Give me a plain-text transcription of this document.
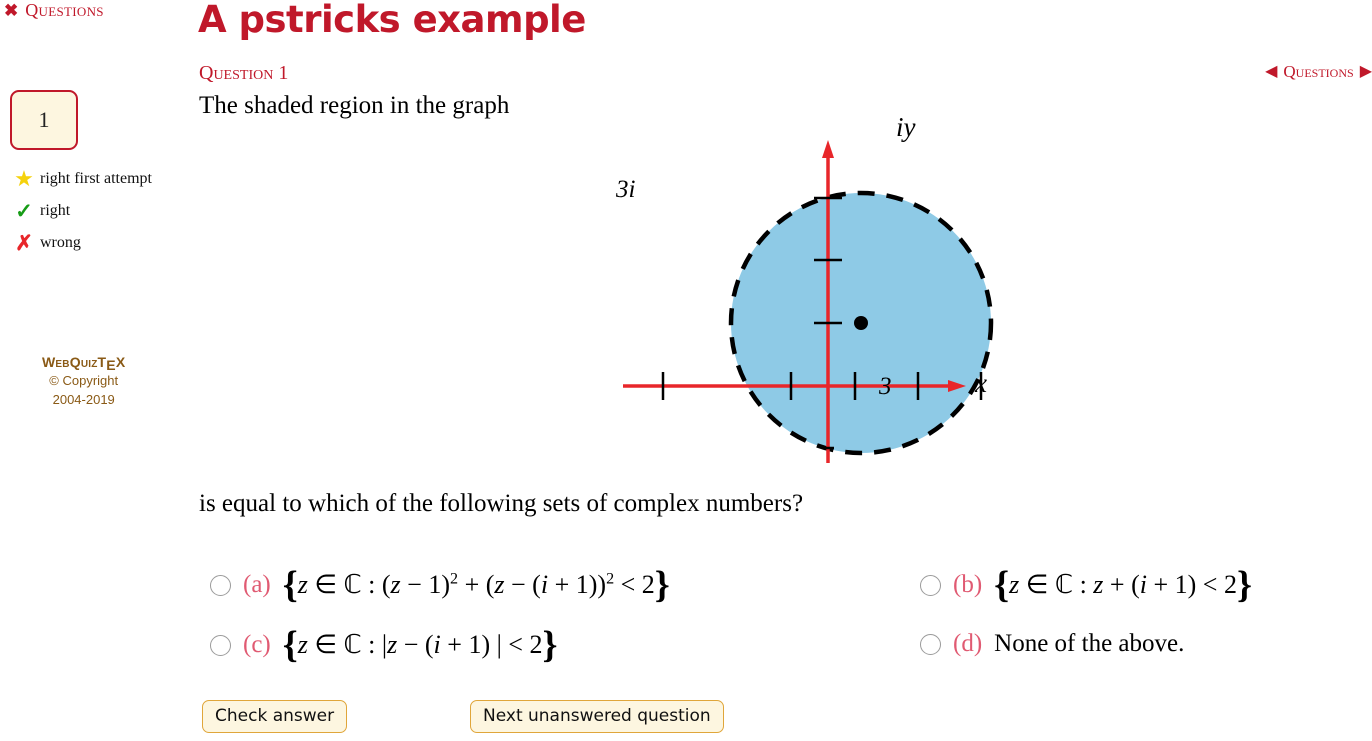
✖ Questions
1
★ right first attempt
✓ right
✗ wrong
WebQuizTEX
© Copyright
2004-2019
A pstricks example
Question 1	◀ Questions ▶
The shaded region in the graph
iy
x
3
3i
is equal to which of the following sets of complex numbers?
(a) {z ∈ ℂ : $(z - 1)^2 + (z - (i + 1))^2 < 2$}	(b) {z ∈ ℂ : z + (i + 1) < 2}
(c) {z ∈ ℂ : |z − (i + 1) | < 2}	(d) None of the above.
Check answer	Next unanswered question
